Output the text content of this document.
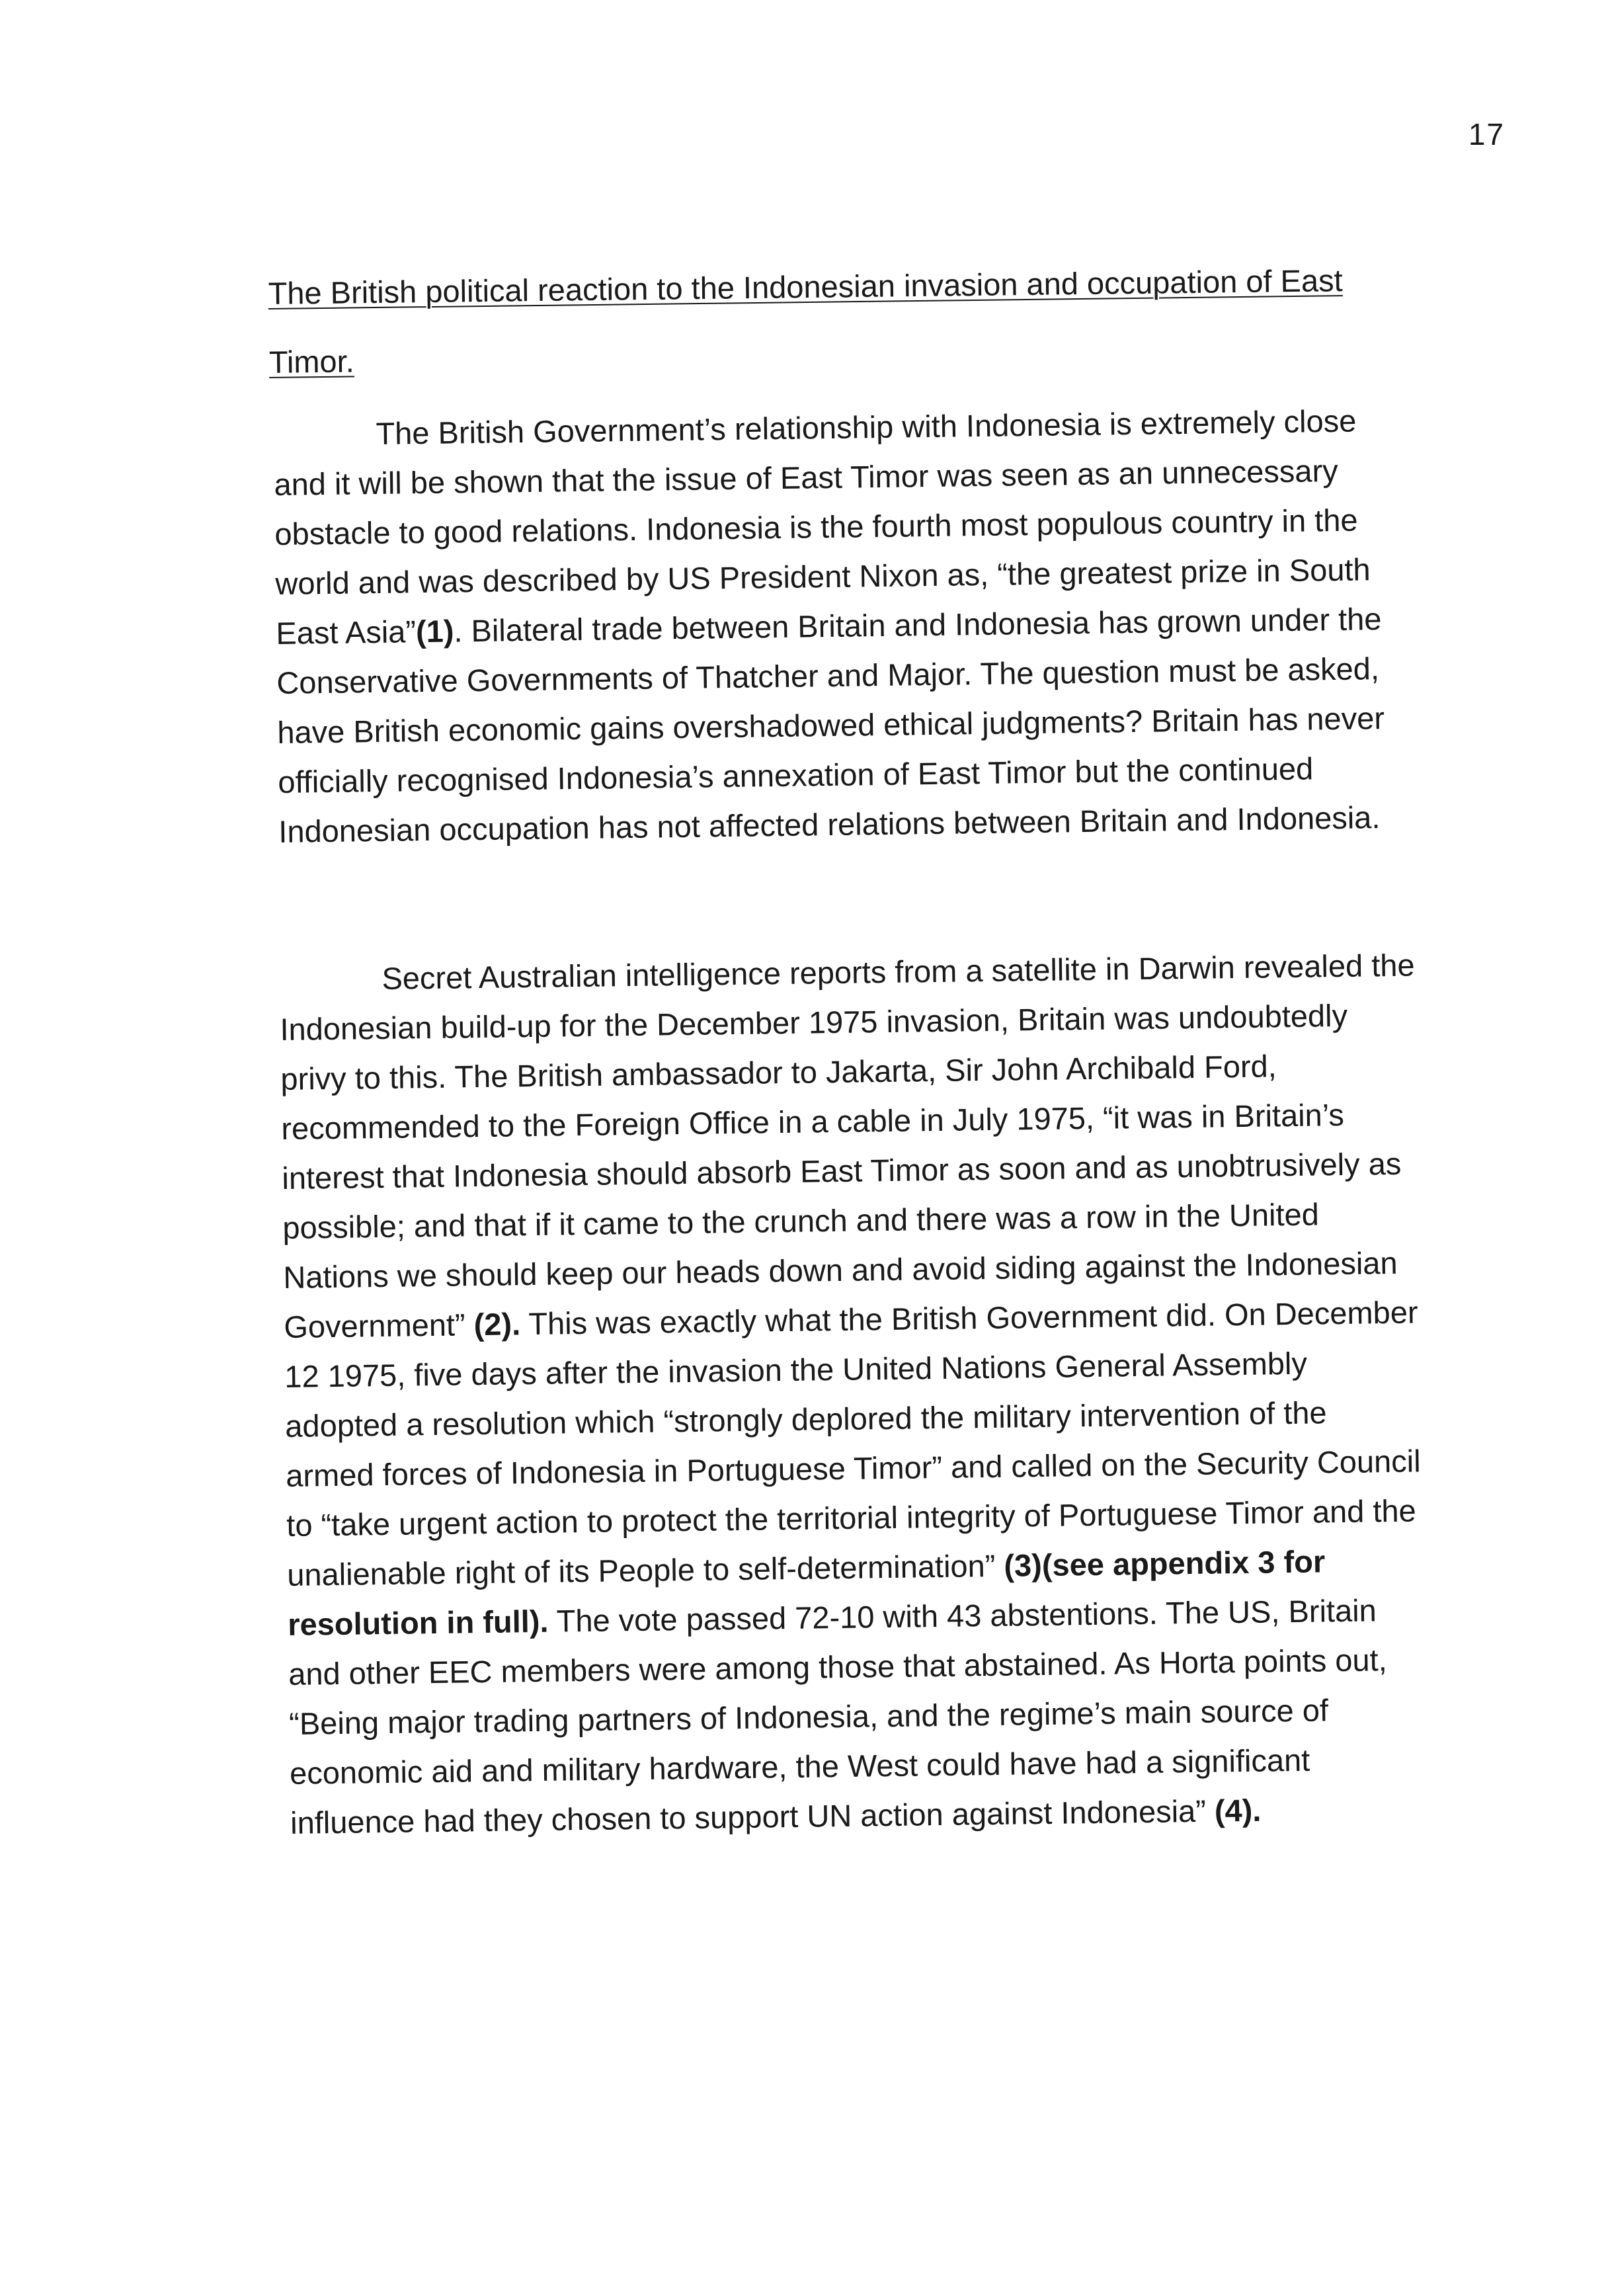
17
The British political reaction to the Indonesian invasion and occupation of East Timor.

The British Government’s relationship with Indonesia is extremely close and it will be shown that the issue of East Timor was seen as an unnecessary obstacle to good relations. Indonesia is the fourth most populous country in the world and was described by US President Nixon as, “the greatest prize in South East Asia”(1). Bilateral trade between Britain and Indonesia has grown under the Conservative Governments of Thatcher and Major. The question must be asked, have British economic gains overshadowed ethical judgments? Britain has never officially recognised Indonesia’s annexation of East Timor but the continued Indonesian occupation has not affected relations between Britain and Indonesia.

Secret Australian intelligence reports from a satellite in Darwin revealed the Indonesian build-up for the December 1975 invasion, Britain was undoubtedly privy to this. The British ambassador to Jakarta, Sir John Archibald Ford, recommended to the Foreign Office in a cable in July 1975, “it was in Britain’s interest that Indonesia should absorb East Timor as soon and as unobtrusively as possible; and that if it came to the crunch and there was a row in the United Nations we should keep our heads down and avoid siding against the Indonesian Government” (2). This was exactly what the British Government did. On December 12 1975, five days after the invasion the United Nations General Assembly adopted a resolution which “strongly deplored the military intervention of the armed forces of Indonesia in Portuguese Timor” and called on the Security Council to “take urgent action to protect the territorial integrity of Portuguese Timor and the unalienable right of its People to self-determination” (3)(see appendix 3 for resolution in full). The vote passed 72-10 with 43 abstentions. The US, Britain and other EEC members were among those that abstained. As Horta points out, “Being major trading partners of Indonesia, and the regime’s main source of economic aid and military hardware, the West could have had a significant influence had they chosen to support UN action against Indonesia” (4).
